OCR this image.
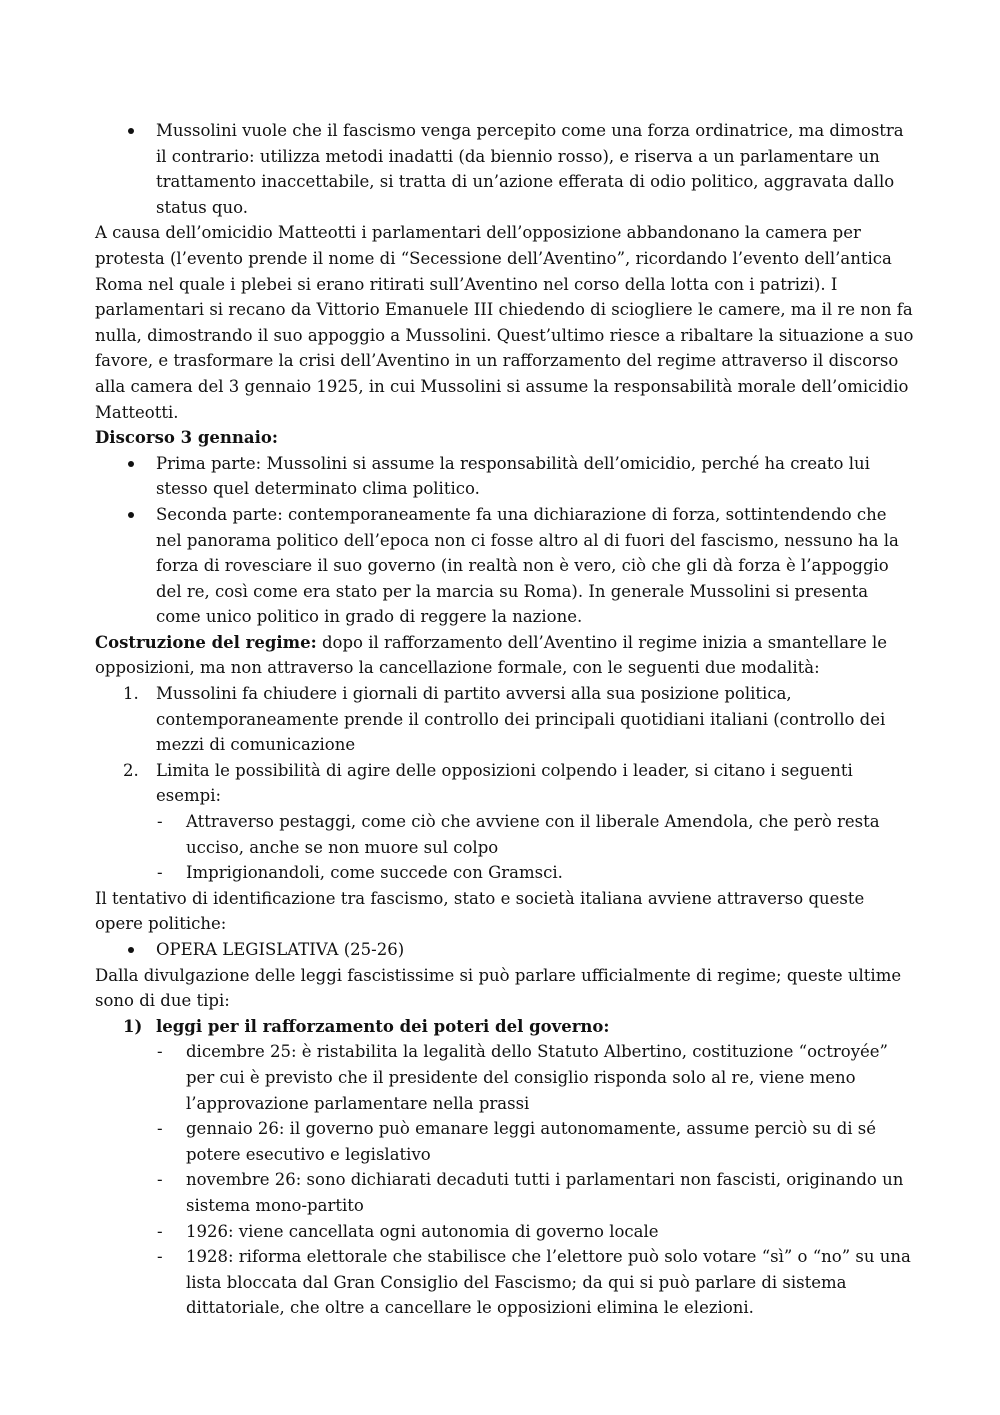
Mussolini vuole che il fascismo venga percepito come una forza ordinatrice, ma dimostra il contrario: utilizza metodi inadatti (da biennio rosso), e riserva a un parlamentare un trattamento inaccettabile, si tratta di un’azione efferata di odio politico, aggravata dallo status quo.

A causa dell’omicidio Matteotti i parlamentari dell’opposizione abbandonano la camera per protesta (l’evento prende il nome di “Secessione dell’Aventino”, ricordando l’evento dell’antica Roma nel quale i plebei si erano ritirati sull’Aventino nel corso della lotta con i patrizi). I parlamentari si recano da Vittorio Emanuele III chiedendo di sciogliere le camere, ma il re non fa nulla, dimostrando il suo appoggio a Mussolini. Quest’ultimo riesce a ribaltare la situazione a suo favore, e trasformare la crisi dell’Aventino in un rafforzamento del regime attraverso il discorso alla camera del 3 gennaio 1925, in cui Mussolini si assume la responsabilità morale dell’omicidio Matteotti.

Discorso 3 gennaio:

Prima parte: Mussolini si assume la responsabilità dell’omicidio, perché ha creato lui stesso quel determinato clima politico.

Seconda parte: contemporaneamente fa una dichiarazione di forza, sottintendendo che nel panorama politico dell’epoca non ci fosse altro al di fuori del fascismo, nessuno ha la forza di rovesciare il suo governo (in realtà non è vero, ciò che gli dà forza è l’appoggio del re, così come era stato per la marcia su Roma). In generale Mussolini si presenta come unico politico in grado di reggere la nazione.

Costruzione del regime: dopo il rafforzamento dell’Aventino il regime inizia a smantellare le opposizioni, ma non attraverso la cancellazione formale, con le seguenti due modalità:

1. Mussolini fa chiudere i giornali di partito avversi alla sua posizione politica, contemporaneamente prende il controllo dei principali quotidiani italiani (controllo dei mezzi di comunicazione

2. Limita le possibilità di agire delle opposizioni colpendo i leader, si citano i seguenti esempi:

- Attraverso pestaggi, come ciò che avviene con il liberale Amendola, che però resta ucciso, anche se non muore sul colpo

- Imprigionandoli, come succede con Gramsci.

Il tentativo di identificazione tra fascismo, stato e società italiana avviene attraverso queste opere politiche:

OPERA LEGISLATIVA (25-26)

Dalla divulgazione delle leggi fascistissime si può parlare ufficialmente di regime; queste ultime sono di due tipi:

1) leggi per il rafforzamento dei poteri del governo:

- dicembre 25: è ristabilita la legalità dello Statuto Albertino, costituzione “octroyée” per cui è previsto che il presidente del consiglio risponda solo al re, viene meno l’approvazione parlamentare nella prassi

- gennaio 26: il governo può emanare leggi autonomamente, assume perciò su di sé potere esecutivo e legislativo

- novembre 26: sono dichiarati decaduti tutti i parlamentari non fascisti, originando un sistema mono-partito

- 1926: viene cancellata ogni autonomia di governo locale

- 1928: riforma elettorale che stabilisce che l’elettore può solo votare “sì” o “no” su una lista bloccata dal Gran Consiglio del Fascismo; da qui si può parlare di sistema dittatoriale, che oltre a cancellare le opposizioni elimina le elezioni.
